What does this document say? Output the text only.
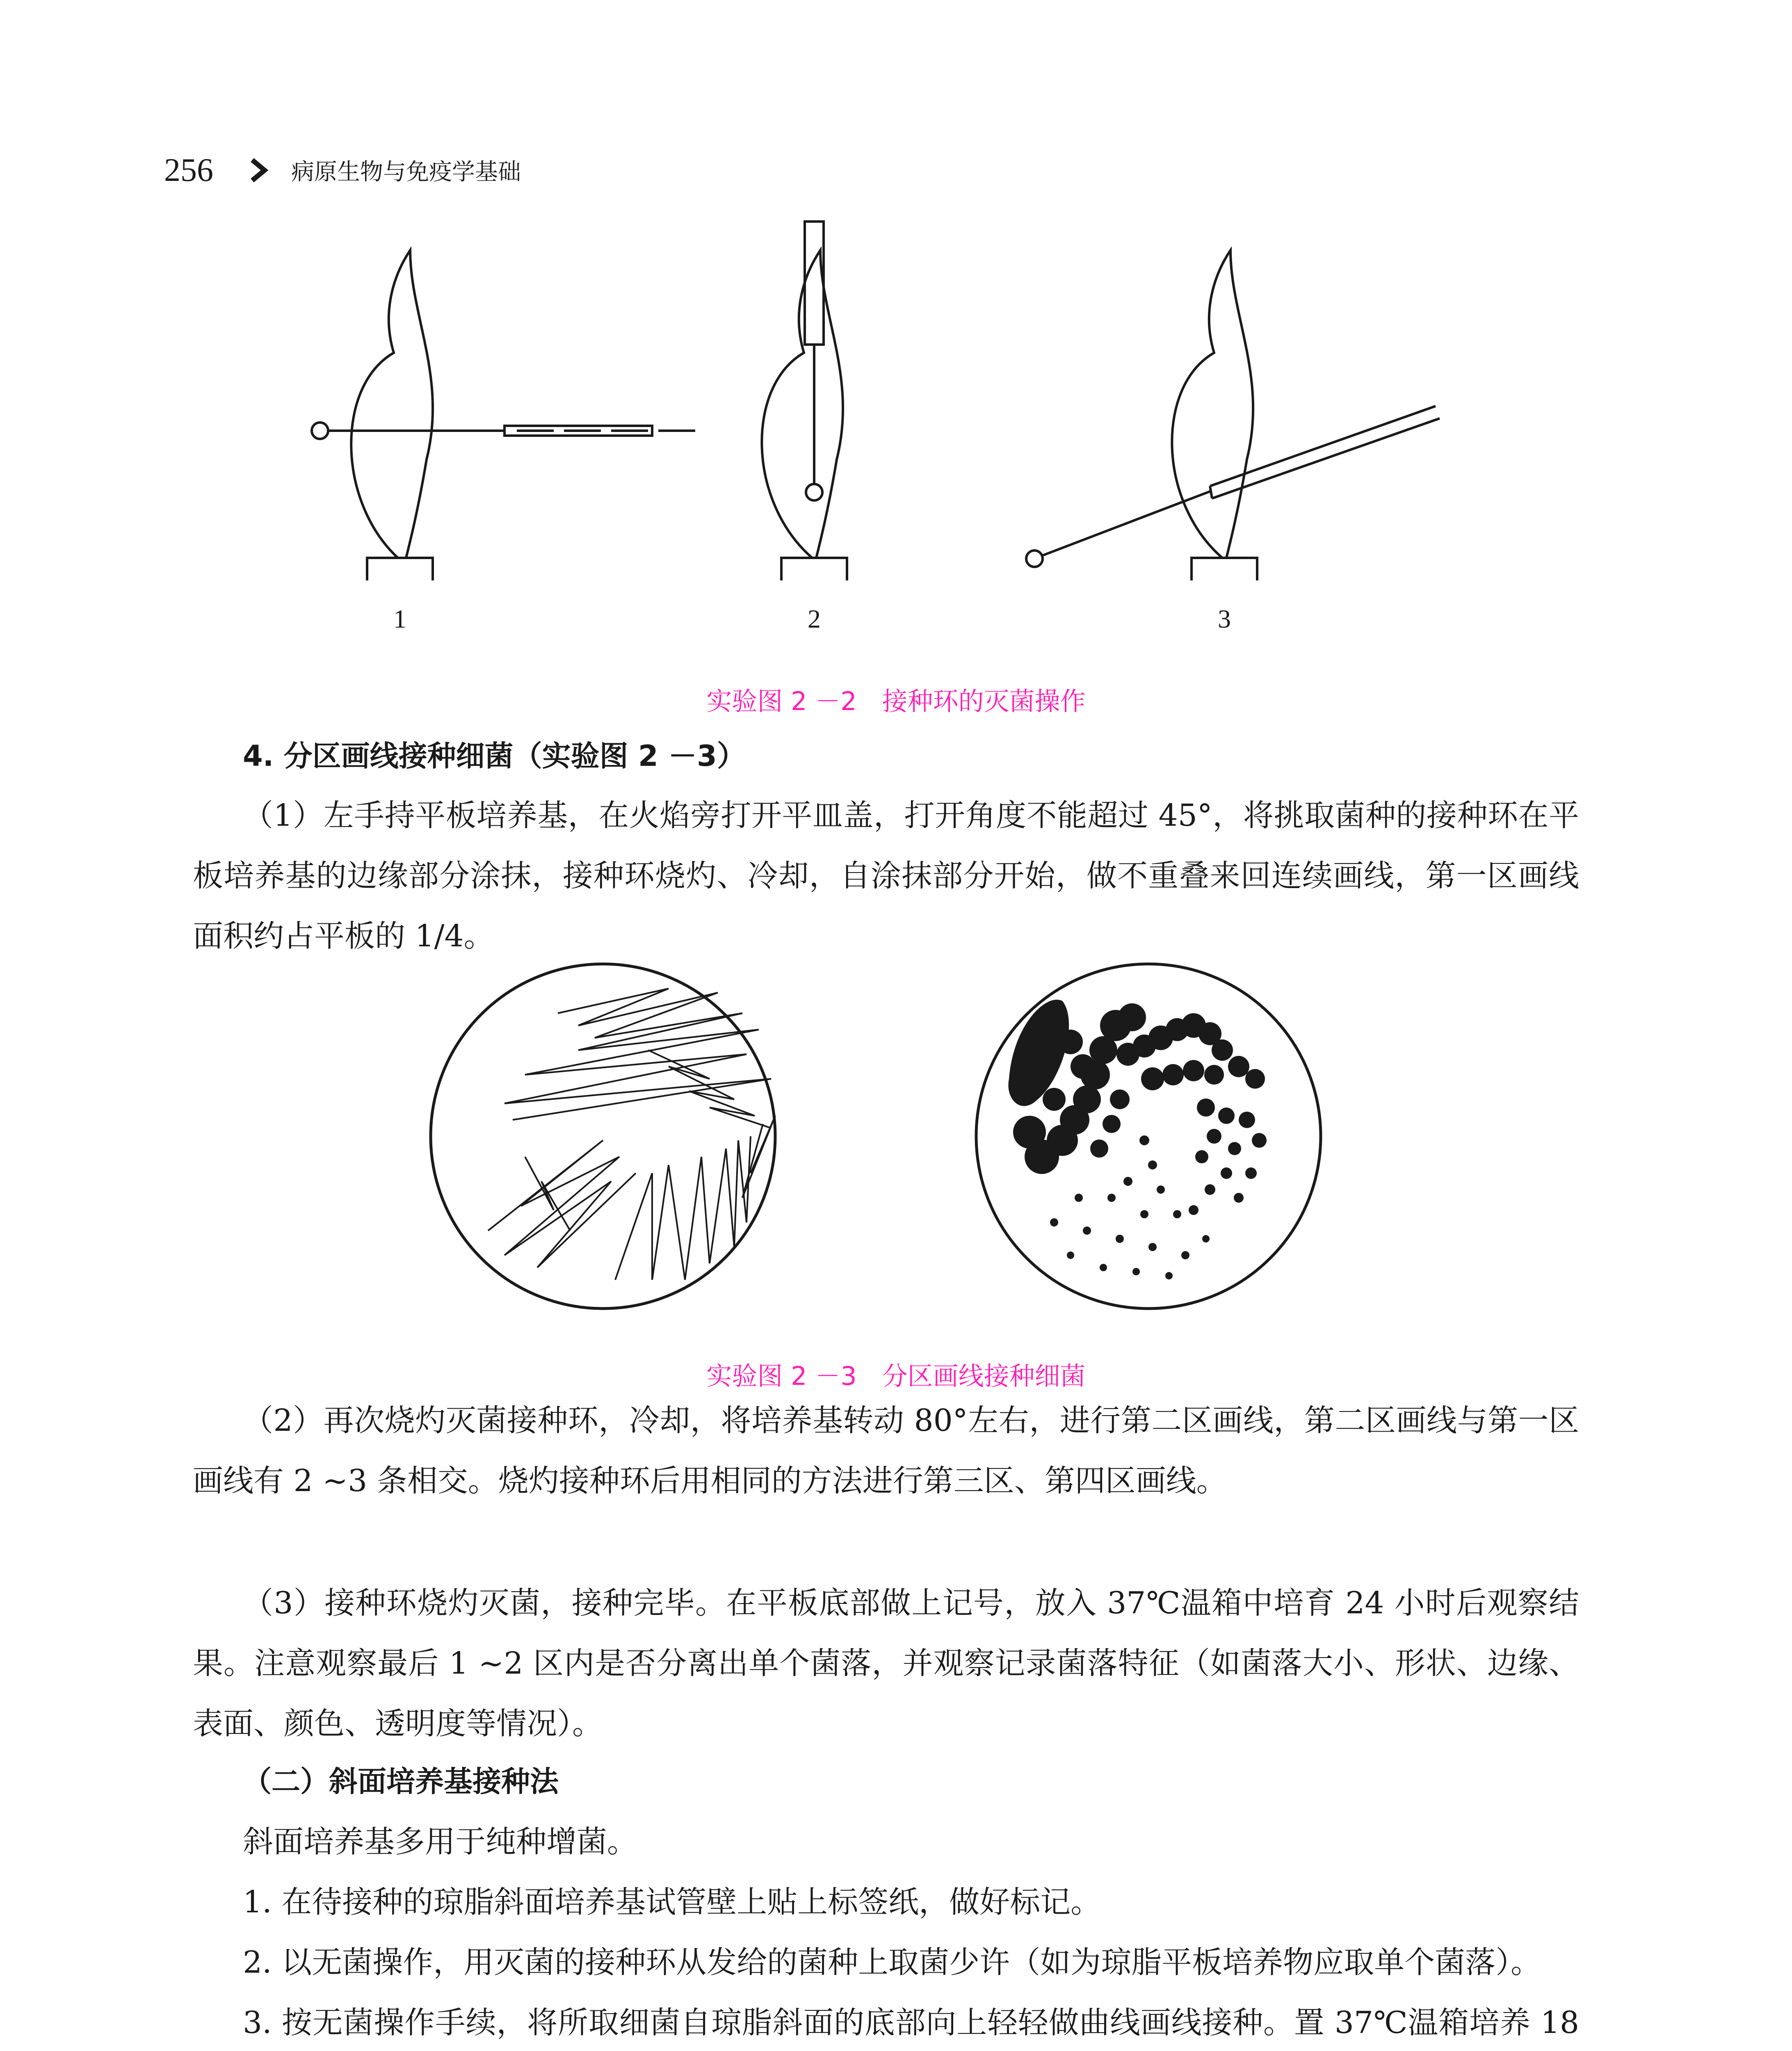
256	病原生物与免疫学基础
1	2	3
实验图 2 －2　接种环的灭菌操作

4. 分区画线接种细菌（实验图 2 －3）

（1）左手持平板培养基，在火焰旁打开平皿盖，打开角度不能超过 45°，将挑取菌种的接种环在平板培养基的边缘部分涂抹，接种环烧灼、冷却，自涂抹部分开始，做不重叠来回连续画线，第一区画线面积约占平板的 1/4。

实验图 2 －3　分区画线接种细菌

（2）再次烧灼灭菌接种环，冷却，将培养基转动 80°左右，进行第二区画线，第二区画线与第一区画线有 2 ~3 条相交。烧灼接种环后用相同的方法进行第三区、第四区画线。

（3）接种环烧灼灭菌，接种完毕。在平板底部做上记号，放入 37℃温箱中培育 24 小时后观察结果。注意观察最后 1 ~2 区内是否分离出单个菌落，并观察记录菌落特征（如菌落大小、形状、边缘、表面、颜色、透明度等情况）。

（二）斜面培养基接种法

斜面培养基多用于纯种增菌。

1. 在待接种的琼脂斜面培养基试管壁上贴上标签纸，做好标记。

2. 以无菌操作，用灭菌的接种环从发给的菌种上取菌少许（如为琼脂平板培养物应取单个菌落）。

3. 按无菌操作手续，将所取细菌自琼脂斜面的底部向上轻轻做曲线画线接种。置 37℃温箱培养 18
